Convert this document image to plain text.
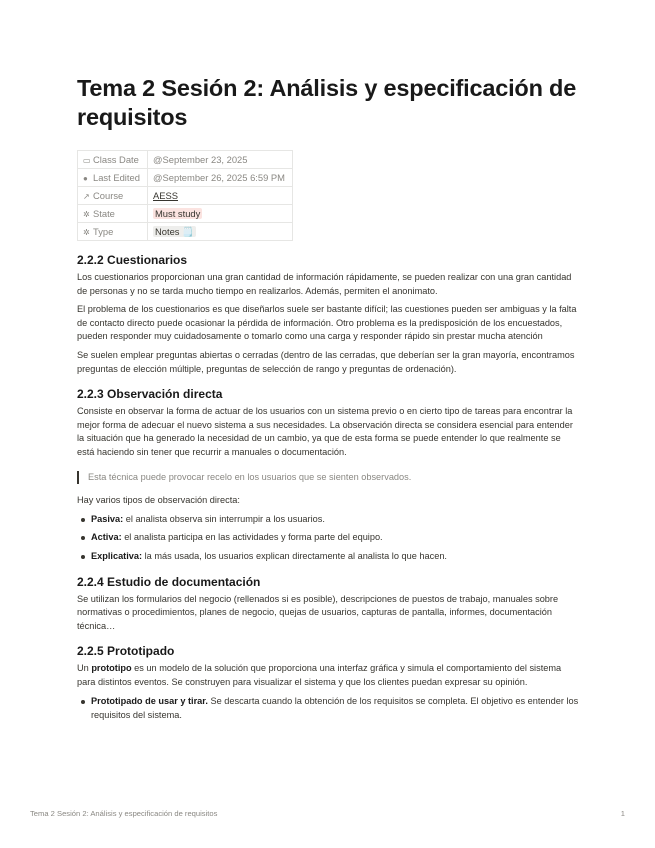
Tema 2 Sesión 2: Análisis y especificación de requisitos
▭ Class Date	@September 23, 2025
● Last Edited	@September 26, 2025 6:59 PM
↗ Course	AESS
✲ State	Must study
✲ Type	Notes 🗒️
2.2.2 Cuestionarios

Los cuestionarios proporcionan una gran cantidad de información rápidamente, se pueden realizar con una gran cantidad de personas y no se tarda mucho tiempo en realizarlos. Además, permiten el anonimato.

El problema de los cuestionarios es que diseñarlos suele ser bastante difícil; las cuestiones pueden ser ambiguas y la falta de contacto directo puede ocasionar la pérdida de información. Otro problema es la predisposición de los encuestados, pueden responder muy cuidadosamente o tomarlo como una carga y responder rápido sin prestar mucha atención

Se suelen emplear preguntas abiertas o cerradas (dentro de las cerradas, que deberían ser la gran mayoría, encontramos preguntas de elección múltiple, preguntas de selección de rango y preguntas de ordenación).

2.2.3 Observación directa

Consiste en observar la forma de actuar de los usuarios con un sistema previo o en cierto tipo de tareas para encontrar la mejor forma de adecuar el nuevo sistema a sus necesidades. La observación directa se considera esencial para entender la situación que ha generado la necesidad de un cambio, ya que de esta forma se puede entender lo que realmente se está haciendo sin tener que recurrir a manuales o documentación.

Esta técnica puede provocar recelo en los usuarios que se sienten observados.

Hay varios tipos de observación directa:

Pasiva: el analista observa sin interrumpir a los usuarios.
Activa: el analista participa en las actividades y forma parte del equipo.
Explicativa: la más usada, los usuarios explican directamente al analista lo que hacen.
2.2.4 Estudio de documentación

Se utilizan los formularios del negocio (rellenados si es posible), descripciones de puestos de trabajo, manuales sobre normativas o procedimientos, planes de negocio, quejas de usuarios, capturas de pantalla, informes, documentación técnica…

2.2.5 Prototipado

Un prototipo es un modelo de la solución que proporciona una interfaz gráfica y simula el comportamiento del sistema para distintos eventos. Se construyen para visualizar el sistema y que los clientes puedan expresar su opinión.

Prototipado de usar y tirar. Se descarta cuando la obtención de los requisitos se completa. El objetivo es entender los requisitos del sistema.
Tema 2 Sesión 2: Análisis y especificación de requisitos	1
